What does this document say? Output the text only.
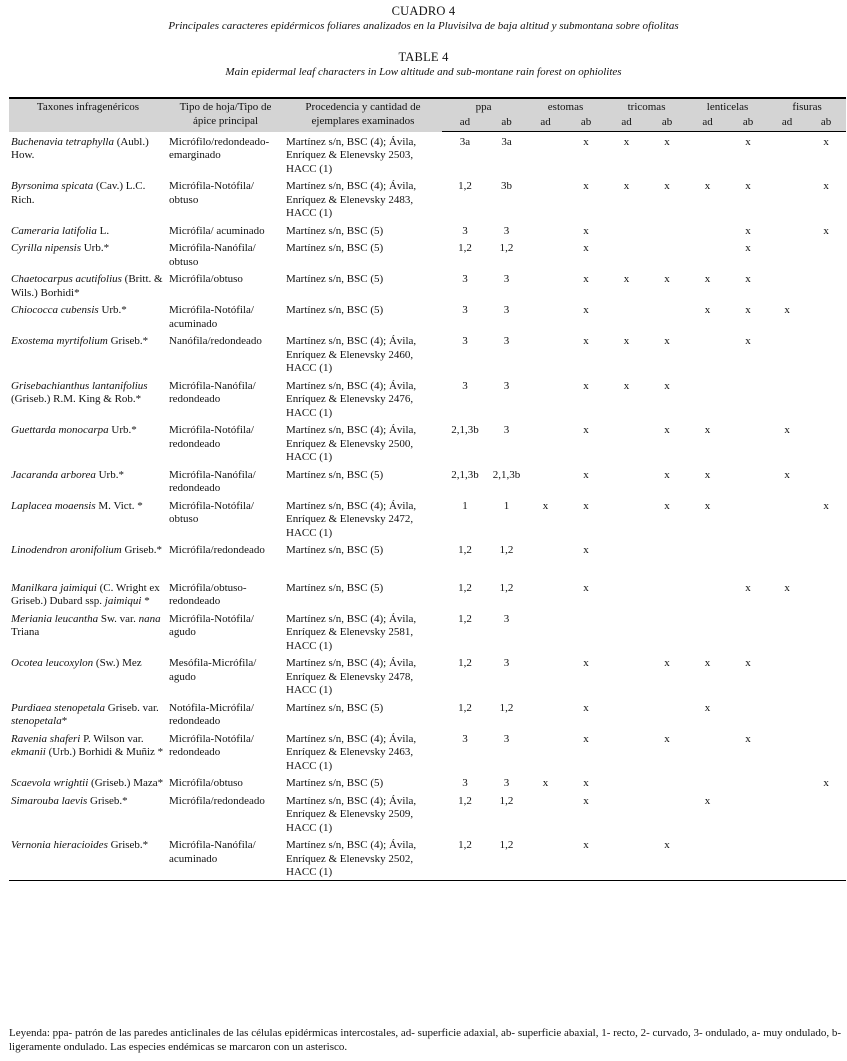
CUADRO 4
Principales caracteres epidérmicos foliares analizados en la Pluvisilva de baja altitud y submontana sobre ofiolitas
TABLE 4
Main epidermal leaf characters in Low altitude and sub-montane rain forest on ophiolites
Taxones infragenéricos	Tipo de hoja/Tipo de ápice principal	Procedencia y cantidad de ejemplares examinados	ppa		estomas		tricomas		lenticelas		fisuras	
			ad	ab	ad	ab	ad	ab	ad	ab	ad	ab
Buchenavia tetraphylla (Aubl.) How.	Micrófilo/redondeado-emarginado	Martínez s/n, BSC (4); Ávila, Enríquez & Elenevsky 2503, HACC (1)	3a	3a		x	x	x		x		x
Byrsonima spicata (Cav.) L.C. Rich.	Micrófila-Notófila/ obtuso	Martínez s/n, BSC (4); Ávila, Enríquez & Elenevsky 2483, HACC (1)	1,2	3b		x	x	x	x	x		x
Cameraria latifolia L.	Micrófila/ acuminado	Martínez s/n, BSC (5)	3	3		x				x		x
Cyrilla nipensis Urb.*	Micrófila-Nanófila/ obtuso	Martínez s/n, BSC (5)	1,2	1,2		x				x		
Chaetocarpus acutifolius (Britt. & Wils.) Borhidi*	Micrófila/obtuso	Martínez s/n, BSC (5)	3	3		x	x	x	x	x		
Chiococca cubensis Urb.*	Micrófila-Notófila/ acuminado	Martínez s/n, BSC (5)	3	3		x			x	x	x	
Exostema myrtifolium Griseb.*	Nanófila/redondeado	Martínez s/n, BSC (4); Ávila, Enríquez & Elenevsky 2460, HACC (1)	3	3		x	x	x		x		
Grisebachianthus lantanifolius (Griseb.) R.M. King & Rob.*	Micrófila-Nanófila/ redondeado	Martínez s/n, BSC (4); Ávila, Enríquez & Elenevsky 2476, HACC (1)	3	3		x	x	x				
Guettarda monocarpa Urb.*	Micrófila-Notófila/ redondeado	Martínez s/n, BSC (4); Ávila, Enríquez & Elenevsky 2500, HACC (1)	2,1,3b	3		x		x	x		x	
Jacaranda arborea Urb.*	Micrófila-Nanófila/ redondeado	Martínez s/n, BSC (5)	2,1,3b	2,1,3b		x		x	x		x	
Laplacea moaensis M. Vict. *	Micrófila-Notófila/ obtuso	Martínez s/n, BSC (4); Ávila, Enríquez & Elenevsky 2472, HACC (1)	1	1	x	x		x	x			x
Linodendron aronifolium Griseb.*	Micrófila/redondeado	Martínez s/n, BSC (5)	1,2	1,2		x						
Manilkara jaimiqui (C. Wright ex Griseb.) Dubard ssp. jaimiqui *	Micrófila/obtuso-redondeado	Martínez s/n, BSC (5)	1,2	1,2		x				x	x	
Meriania leucantha Sw. var. nana Triana	Micrófila-Notófila/ agudo	Martínez s/n, BSC (4); Ávila, Enríquez & Elenevsky 2581, HACC (1)	1,2	3								
Ocotea leucoxylon (Sw.) Mez	Mesófila-Micrófila/ agudo	Martínez s/n, BSC (4); Ávila, Enríquez & Elenevsky 2478, HACC (1)	1,2	3		x		x	x	x		
Purdiaea stenopetala Griseb. var. stenopetala*	Notófila-Micrófila/ redondeado	Martínez s/n, BSC (5)	1,2	1,2		x			x			
Ravenia shaferi P. Wilson var. ekmanii (Urb.) Borhidi & Muñiz *	Micrófila-Notófila/ redondeado	Martínez s/n, BSC (4); Ávila, Enríquez & Elenevsky 2463, HACC (1)	3	3		x		x		x		
Scaevola wrightii (Griseb.) Maza*	Micrófila/obtuso	Martínez s/n, BSC (5)	3	3	x	x						x
Simarouba laevis Griseb.*	Micrófila/redondeado	Martínez s/n, BSC (4); Ávila, Enríquez & Elenevsky 2509, HACC (1)	1,2	1,2		x			x			
Vernonia hieracioides Griseb.*	Micrófila-Nanófila/ acuminado	Martínez s/n, BSC (4); Ávila, Enríquez & Elenevsky 2502, HACC (1)	1,2	1,2		x		x				
Leyenda: ppa- patrón de las paredes anticlinales de las células epidérmicas intercostales, ad- superficie adaxial, ab- superficie abaxial, 1- recto, 2- curvado, 3- ondulado, a- muy ondulado, b- ligeramente ondulado. Las especies endémicas se marcaron con un asterisco.
